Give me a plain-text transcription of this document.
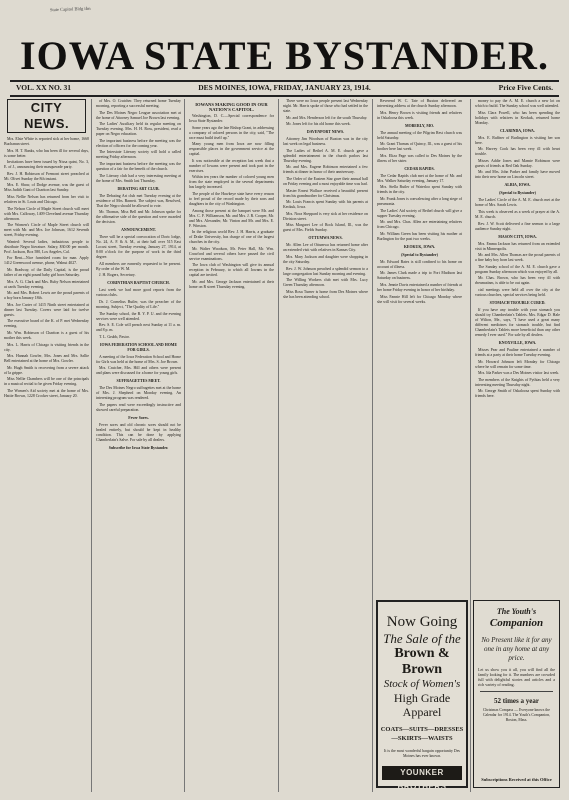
State Capitol Bldg ifm
IOWA STATE BYSTANDER.
VOL. XX NO. 31	DES MOINES, IOWA, FRIDAY, JANUARY 23, 1914.	Price Five Cents.
CITY NEWS.

Mrs. Elsie White is reported sick at her home, 1668 Buchanan street.

Mrs. H. T. Banks, who has been ill for several days, is some better.

Invitations have been issued by Nissa quint, No. 3, E. of J., announcing their masquerade party.

Rev. J. H. Robinson of Fremont street preached at Mt. Olivet Sunday the 8th instant.

Mrs. E. Shaw, of Dodge avenue, was the guest of Miss Judith Gant of Chariton last Sunday.

Miss Nellie Nelson has returned from her visit to relatives in St. Louis and Chicago.

The Nelson Circle of Maple Street church will meet with Mrs. Calloway, 1409 Cleveland avenue Thursday afternoon.

The Women's Circle of Maple Street church will meet with Mr. and Mrs. Joe Johnson, 1612 Seventh street, Friday evening.

Wanted: Several ladies, industrious people to distribute Negro literature. Salary, $30.00 per month. Prof. Jackson, Box 580, Los Angeles, Cal.

For Rent—Nice furnished room for man. Apply 1412 Greenwood avenue, phone, Walnut 4027.

Mr. Bradway, of the Daily Capital, is the proud father of an eight pound baby girl born Saturday.

Mrs. A. G. Clark and Mrs. Ruby Nelson entertained at cards Tuesday evening.

Mr. and Mrs. Robert Lewis are the proud parents of a boy born January 18th.

Mrs. Joe Carter of 1415 Ninth street entertained at dinner last Tuesday. Covers were laid for twelve guests.

The executive board of the K. of P. met Wednesday evening.

Mr. Wm. Robinson of Chariton is a guest of his mother this week.

Mrs. L. Harris of Chicago is visiting friends in the city.

Mrs. Hannah Gowler, Mrs. Jones and Mrs. Sallie Bell entertained at the home of Mrs. Gowler.

Mr. Hugh Smith is recovering from a severe attack of la grippe.

Miss Nellie Chambers will be one of the principals in a musical recital to be given Friday evening.

The Women's Aid society met at the home of Mrs. Hattie Brown, 1228 Crocker street, January 20.

of Mrs. O. Crutcher. They returned home Tuesday morning, reporting a successful meeting.

The Des Moines Negro League association met at the home of Attorney Samuel Joe Brown last evening.

The Ladies' Auxiliary held its regular meeting on Tuesday evening. Mrs. H. H. Ross, president, read a paper on Negro education.

The important business before the meeting was the election of officers for the coming year.

The Interstate Literary society will hold a called meeting Friday afternoon.

The important business before the meeting was the question of a fair for the benefit of the church.

The Literary club had a very interesting meeting at the home of Mrs. Smith last Thursday.

DEBATING ART CLUB.

The Debating Art club met Tuesday evening at the residence of Mrs. Barnett. The subject was, Resolved, That the Negro should be allowed to vote.

Mr. Thomas, Miss Bell and Mr. Johnson spoke for the affirmative side of the question and were awarded the decision.

ANNOUNCEMENT.

There will be a special convocation of Doric lodge, No. 24, A. F. & A. M., at their hall over 515 East Locust street, Tuesday evening, January 27, 1914, at 8:00 o'clock for the purpose of work in the third degree.

All members are earnestly requested to be present. By order of the W. M.

J. H. Rogers, Secretary.

CORINTHIAN BAPTIST CHURCH.

Last week we had more good reports from the various clubs.

Dr. J. Cornelius Butler, was the preacher of the morning. Subject, "The Quality of Life."

The Sunday school, the B. Y. P. U. and the evening services were well attended.

Rev. S. E. Cole will preach next Sunday at 11 a. m. and 8 p. m.

T. L. Grubb, Pastor.

IOWA FEDERATION SCHOOL AND HOME FOR GIRLS.

A meeting of the Iowa Federation School and Home for Girls was held at the home of Mrs. S. Joe Brown.

Mrs. Crutcher, Mrs. Hill and others were present and plans were discussed for a home for young girls.

SUFFRAGETTES MEET.

The Des Moines Negro suffragettes met at the home of Mrs. J. Shepherd on Monday evening. An interesting program was rendered.

The papers read were exceedingly instructive and showed careful preparation.

Fever Sores.

Fever sores and old chronic sores should not be healed entirely, but should be kept in healthy condition. This can be done by applying Chamberlain's Salve. For sale by all dealers.

Subscribe for Iowa State Bystander.

IOWANS MAKING GOOD IN OUR NATION'S CAPITOL.

Washington, D. C.—Special correspondence for Iowa State Bystander.

Some years ago the late Bishop Grant, in addressing a company of colored persons in the city, said, "The race must build itself up."

Many young men from Iowa are now filling responsible places in the government service at the capital.

It was noticeable at the reception last week that a number of Iowans were present and took part in the exercises.

Within ten years the number of colored young men from the state employed in the several departments has largely increased.

The people of the Hawkeye state have every reason to feel proud of the record made by their sons and daughters in the city of Washington.

Among those present at the banquet were Mr. and Mrs. C. F. Williamson, Mr. and Mrs. J. R. Cooper, Mr. and Mrs. Alexander, Mr. Vinton and Mr. and Mrs. E. F. Winston.

In the religious world Rev. J. H. Harris, a graduate of Drake University, has charge of one of the largest churches in the city.

Mr. Walter Woodson, Mr. Peter Hall, Mr. Wm. Crawford and several others have passed the civil service examinations.

The Iowa club of Washington will give its annual reception in February, to which all Iowans in the capital are invited.

Mr. and Mrs. George Jackson entertained at their home on R street Thursday evening.

There were no Iowa people present last Wednesday night. Mr. Harris spoke of those who had settled in the state.

Mr. and Mrs. Henderson left for the south Thursday.

Mr. Jones left for his old home this week.

DAVENPORT NEWS.

Attorney Jim Woodson of Buxton was in the city last week on legal business.

The Ladies of Bethel A. M. E. church gave a splendid entertainment in the church parlors last Thursday evening.

Mr. and Mrs. Eugene Robinson entertained a few friends at dinner in honor of their anniversary.

The Order of the Eastern Star gave their annual ball on Friday evening and a most enjoyable time was had.

Master Ernest Wallace received a beautiful present from his grandmother for Christmas.

Mr. Louis Francis spent Sunday with his parents at Keokuk, Iowa.

Mrs. Nora Sheppard is very sick at her residence on Division street.

Miss Margaret Lee of Rock Island, Ill., was the guest of Mrs. Fields Sunday.

OTTUMWA NEWS.

Mr. Allen Lee of Ottumwa has returned home after an extended visit with relatives in Kansas City.

Mrs. Mary Jackson and daughter were shopping in the city Saturday.

Rev. J. W. Johnson preached a splendid sermon to a large congregation last Sunday morning and evening.

The Willing Workers club met with Mrs. Lucy Green Thursday afternoon.

Miss Rosa Turner is home from Des Moines where she has been attending school.

Reverend W. C. Tate of Buxton delivered an interesting address at the church Sunday afternoon.

Mrs. Henry Brown is visiting friends and relatives in Oskaloosa this week.

MOBERLY, MO.

The annual meeting of the Pilgrim Rest church was held Saturday.

Mr. Grant Thomas of Quincy, Ill., was a guest of his brother here last week.

Mrs. Eliza Page was called to Des Moines by the illness of her sister.

CEDAR RAPIDS.

The Cedar Rapids club met at the home of Mr. and Mrs. Walker Saturday evening, January 17.

Mrs. Stella Butler of Waterloo spent Sunday with friends in the city.

Mr. Frank Jones is convalescing after a long siege of pneumonia.

The Ladies' Aid society of Bethel church will give a supper Tuesday evening.

Mr. and Mrs. Chas. Allen are entertaining relatives from Chicago.

Mr. William Green has been visiting his mother at Burlington for the past two weeks.

KEOKUK, IOWA.

(Special to Bystander)

Mr. Edward Bates is still confined to his home on account of illness.

Mr. James Clark made a trip to Fort Madison last Saturday on business.

Mrs. Jennie Davis entertained a number of friends at her home Friday evening in honor of her birthday.

Miss Fannie Hill left for Chicago Monday where she will visit for several weeks.

money to pay the A. M. E. church a new lot on which to build. The Sunday school was well attended.

Miss Clara Powell, who has been spending the holidays with relatives in Keokuk, returned home Monday.

CLARINDA, IOWA.

Mrs. E. Ruffner of Burlington is visiting her son here.

Mr. Harvey Cook has been very ill with heart trouble.

Misses Addie Jones and Mamie Robinson were guests of friends at Red Oak Sunday.

Mr. and Mrs. John Parker and family have moved into their new home on Lincoln street.

ALBIA, IOWA.

(Special to Bystander)

The Ladies' Circle of the A. M. E. church met at the home of Mrs. Sarah Lewis.

This week is observed as a week of prayer at the A. M. E. church.

Rev. J. W. Scott delivered a fine sermon to a large audience Sunday night.

MASON CITY, IOWA.

Mrs. Emma Jackson has returned from an extended visit in Minneapolis.

Mr. and Mrs. Allen Thomas are the proud parents of a fine baby boy born last week.

The Sunday school of the A. M. E. church gave a program Sunday afternoon which was enjoyed by all.

Mr. Chas. Brown, who has been very ill with rheumatism, is able to be out again.

cial meetings were held all over the city at the various churches, special services being held.

STOMACH TROUBLE CURED.

If you have any trouble with your stomach you should try Chamberlain's Tablets. Mrs. Edgar D. Hale of Wilton, Me., says, "I have used a great many different medicines for stomach trouble, but find Chamberlain's Tablets more beneficial than any other remedy I ever used." For sale by all dealers.

KNOXVILLE, IOWA.

Misses Pear and Pauline entertained a number of friends at a party at their home Tuesday evening.

Mr. Howard Johnson left Monday for Chicago where he will remain for some time.

Mrs. Ida Parker was a Des Moines visitor last week.

The members of the Knights of Pythias held a very interesting meeting Thursday night.

Mr. George Smith of Oskaloosa spent Sunday with friends here.

Now Going
The Sale of the
Brown & Brown
Stock of Women's
High Grade Apparel
COATS—SUITS—DRESSES—SKIRTS—WAISTS
It is the most wonderful bargain opportunity Des Moines has ever known.
YOUNKER BROTHERS
The Youth's
Companion
No Present like it for any one in any home at any price.
Let us show you it all, you will find all the family looking for it. The numbers are crowded full with delightful stories and articles and a rich variety of reading.
52 times a year
Christmas Compass — Everyone knows the Calendar for 1914. The Youth's Companion, Boston, Mass.
Subscriptions Received at this Office
